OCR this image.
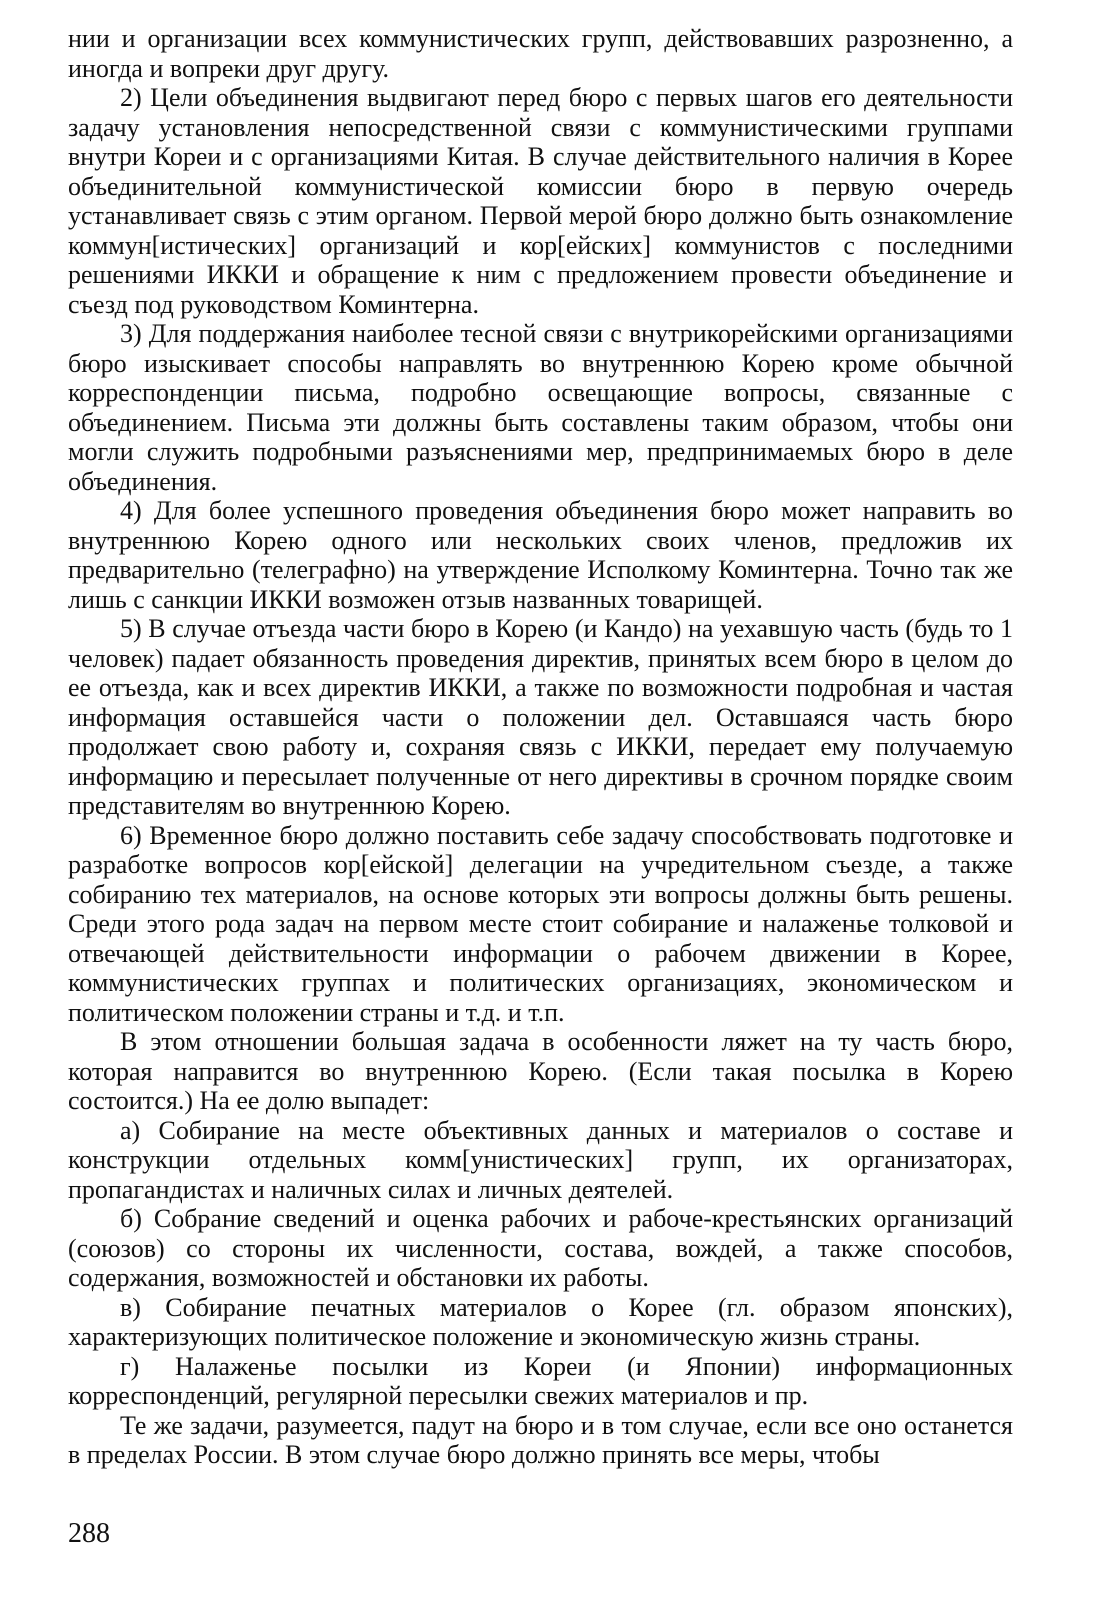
нии и организации всех коммунистических групп, действовавших разрозненно, а иногда и вопреки друг другу.

2) Цели объединения выдвигают перед бюро с первых шагов его деятельности задачу установления непосредственной связи с коммунистическими группами внутри Кореи и с организациями Китая. В случае действительного наличия в Корее объединительной коммунистической комиссии бюро в первую очередь устанавливает связь с этим органом. Первой мерой бюро должно быть ознакомление коммун[истических] организаций и кор[ейских] коммунистов с последними решениями ИККИ и обращение к ним с предложением провести объединение и съезд под руководством Коминтерна.

3) Для поддержания наиболее тесной связи с внутрикорейскими организациями бюро изыскивает способы направлять во внутреннюю Корею кроме обычной корреспонденции письма, подробно освещающие вопросы, связанные с объединением. Письма эти должны быть составлены таким образом, чтобы они могли служить подробными разъяснениями мер, предпринимаемых бюро в деле объединения.

4) Для более успешного проведения объединения бюро может направить во внутреннюю Корею одного или нескольких своих членов, предложив их предварительно (телеграфно) на утверждение Исполкому Коминтерна. Точно так же лишь с санкции ИККИ возможен отзыв названных товарищей.

5) В случае отъезда части бюро в Корею (и Кандо) на уехавшую часть (будь то 1 человек) падает обязанность проведения директив, принятых всем бюро в целом до ее отъезда, как и всех директив ИККИ, а также по возможности подробная и частая информация оставшейся части о положении дел. Оставшаяся часть бюро продолжает свою работу и, сохраняя связь с ИККИ, передает ему получаемую информацию и пересылает полученные от него директивы в срочном порядке своим представителям во внутреннюю Корею.

6) Временное бюро должно поставить себе задачу способствовать подготовке и разработке вопросов кор[ейской] делегации на учредительном съезде, а также собиранию тех материалов, на основе которых эти вопросы должны быть решены. Среди этого рода задач на первом месте стоит собирание и налаженье толковой и отвечающей действительности информации о рабочем движении в Корее, коммунистических группах и политических организациях, экономическом и политическом положении страны и т.д. и т.п.

В этом отношении большая задача в особенности ляжет на ту часть бюро, которая направится во внутреннюю Корею. (Если такая посылка в Корею состоится.) На ее долю выпадет:

а) Собирание на месте объективных данных и материалов о составе и конструкции отдельных комм[унистических] групп, их организаторах, пропагандистах и наличных силах и личных деятелей.

б) Собрание сведений и оценка рабочих и рабоче-крестьянских организаций (союзов) со стороны их численности, состава, вождей, а также способов, содержания, возможностей и обстановки их работы.

в) Собирание печатных материалов о Корее (гл. образом японских), характеризующих политическое положение и экономическую жизнь страны.

г) Налаженье посылки из Кореи (и Японии) информационных корреспонденций, регулярной пересылки свежих материалов и пр.

Те же задачи, разумеется, падут на бюро и в том случае, если все оно останется в пределах России. В этом случае бюро должно принять все меры, чтобы

288
